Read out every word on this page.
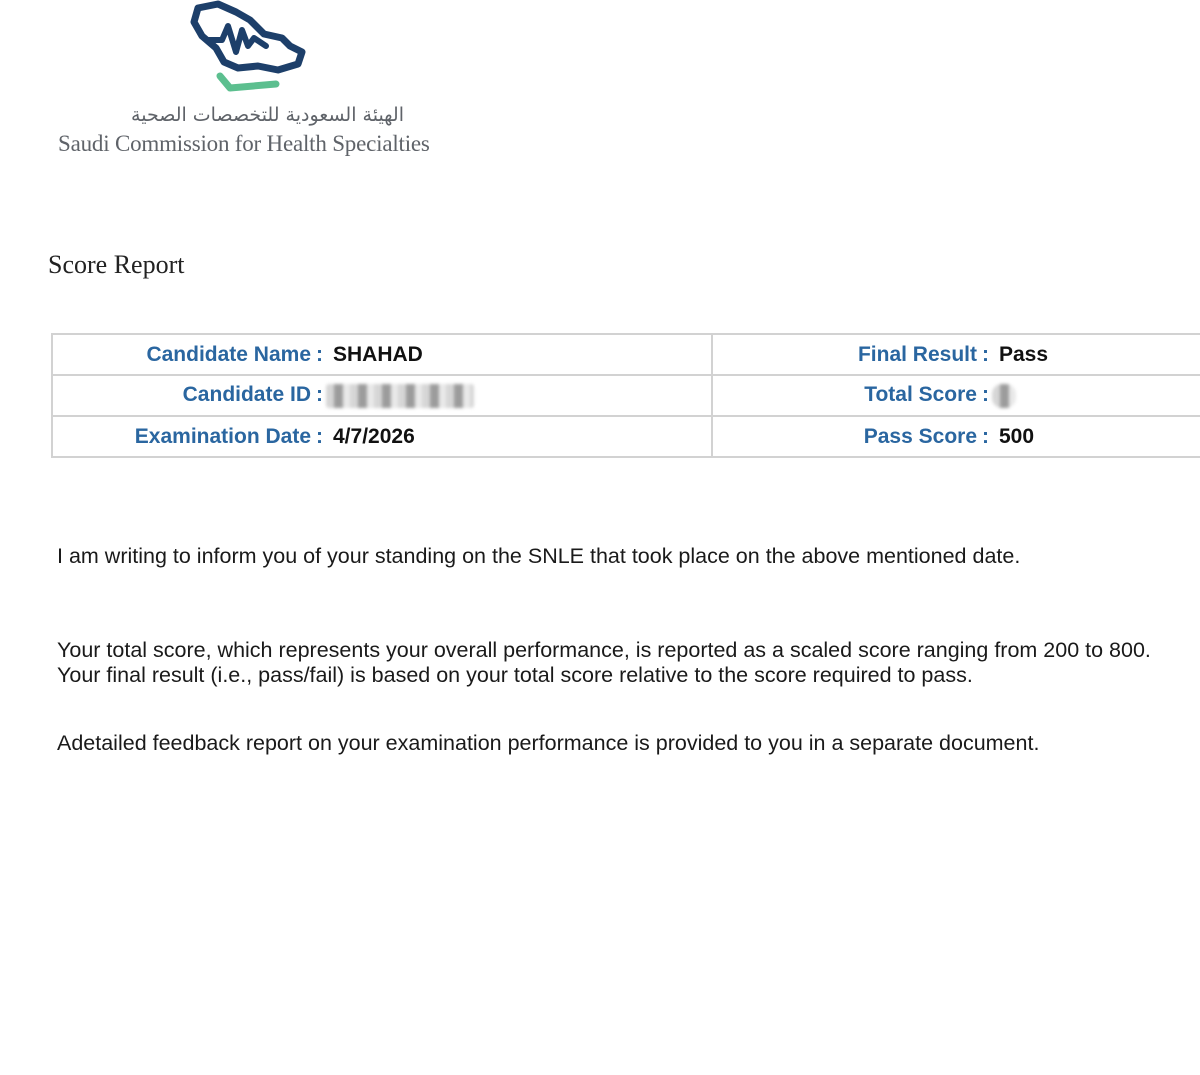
الهيئة السعودية للتخصصات الصحية
Saudi Commission for Health Specialties
Score Report
Candidate Name : SHAHAD	Final Result : Pass
Candidate ID :	Total Score :
Examination Date : 4/7/2026	Pass Score : 500

I am writing to inform you of your standing on the SNLE that took place on the above mentioned date.

Your total score, which represents your overall performance, is reported as a scaled score ranging from 200 to 800. Your final result (i.e., pass/fail) is based on your total score relative to the score required to pass.

Adetailed feedback report on your examination performance is provided to you in a separate document.
